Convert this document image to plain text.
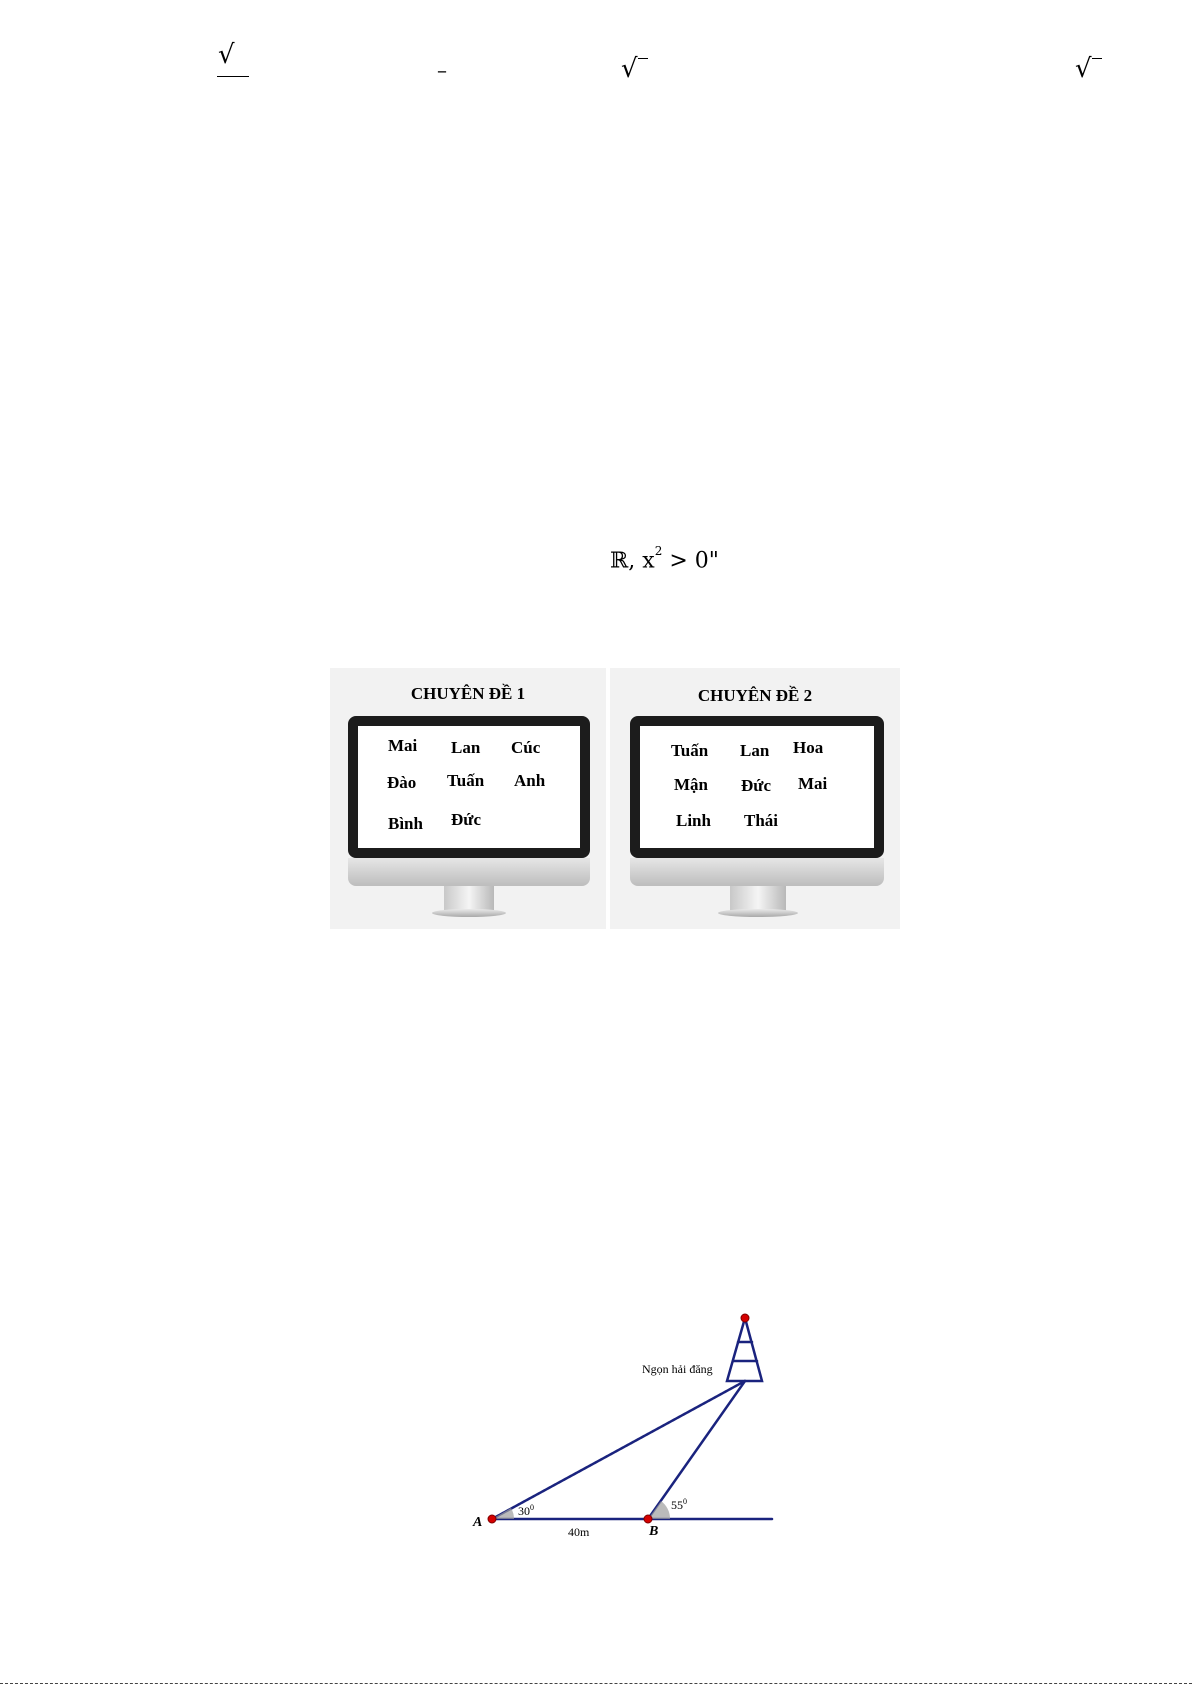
√	–	√	√
ℝ, $x^2 > 0$"
CHUYÊN ĐỀ 1
Mai Lan Cúc
Đào Tuấn Anh
Bình Đức
CHUYÊN ĐỀ 2
Tuấn Lan Hoa
Mận Đức Mai
Linh Thái
Ngọn hải đăng
A
B
$30^0$	$55^0$
40m
